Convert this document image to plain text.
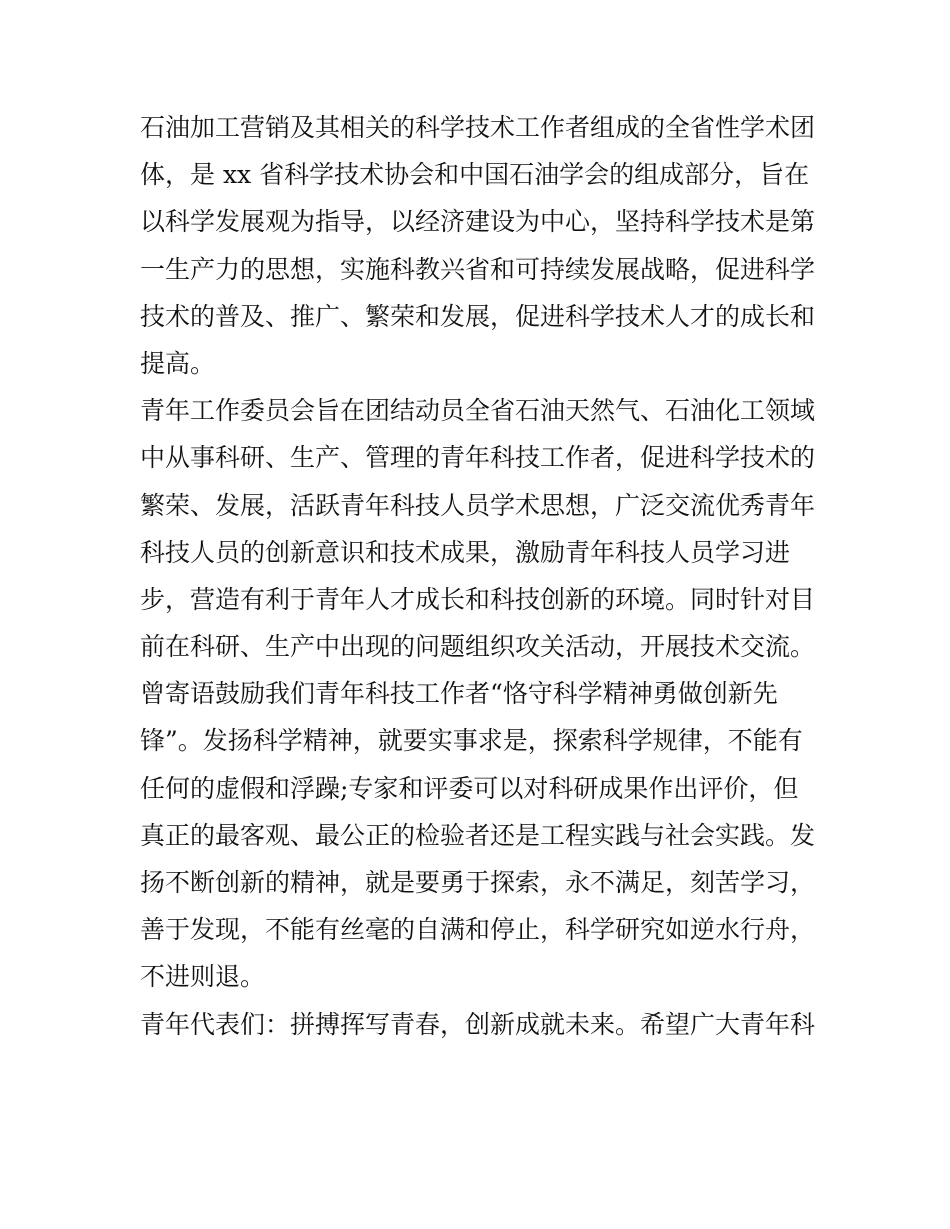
石油加工营销及其相关的科学技术工作者组成的全省性学术团
体，是 xx 省科学技术协会和中国石油学会的组成部分，旨在
以科学发展观为指导，以经济建设为中心，坚持科学技术是第
一生产力的思想，实施科教兴省和可持续发展战略，促进科学
技术的普及、推广、繁荣和发展，促进科学技术人才的成长和
提高。
青年工作委员会旨在团结动员全省石油天然气、石油化工领域
中从事科研、生产、管理的青年科技工作者，促进科学技术的
繁荣、发展，活跃青年科技人员学术思想，广泛交流优秀青年
科技人员的创新意识和技术成果，激励青年科技人员学习进
步，营造有利于青年人才成长和科技创新的环境。同时针对目
前在科研、生产中出现的问题组织攻关活动，开展技术交流。
曾寄语鼓励我们青年科技工作者“恪守科学精神勇做创新先
锋”。发扬科学精神，就要实事求是，探索科学规律，不能有
任何的虚假和浮躁;专家和评委可以对科研成果作出评价，但
真正的最客观、最公正的检验者还是工程实践与社会实践。发
扬不断创新的精神，就是要勇于探索，永不满足，刻苦学习，
善于发现，不能有丝毫的自满和停止，科学研究如逆水行舟，
不进则退。
青年代表们：拼搏挥写青春，创新成就未来。希望广大青年科
